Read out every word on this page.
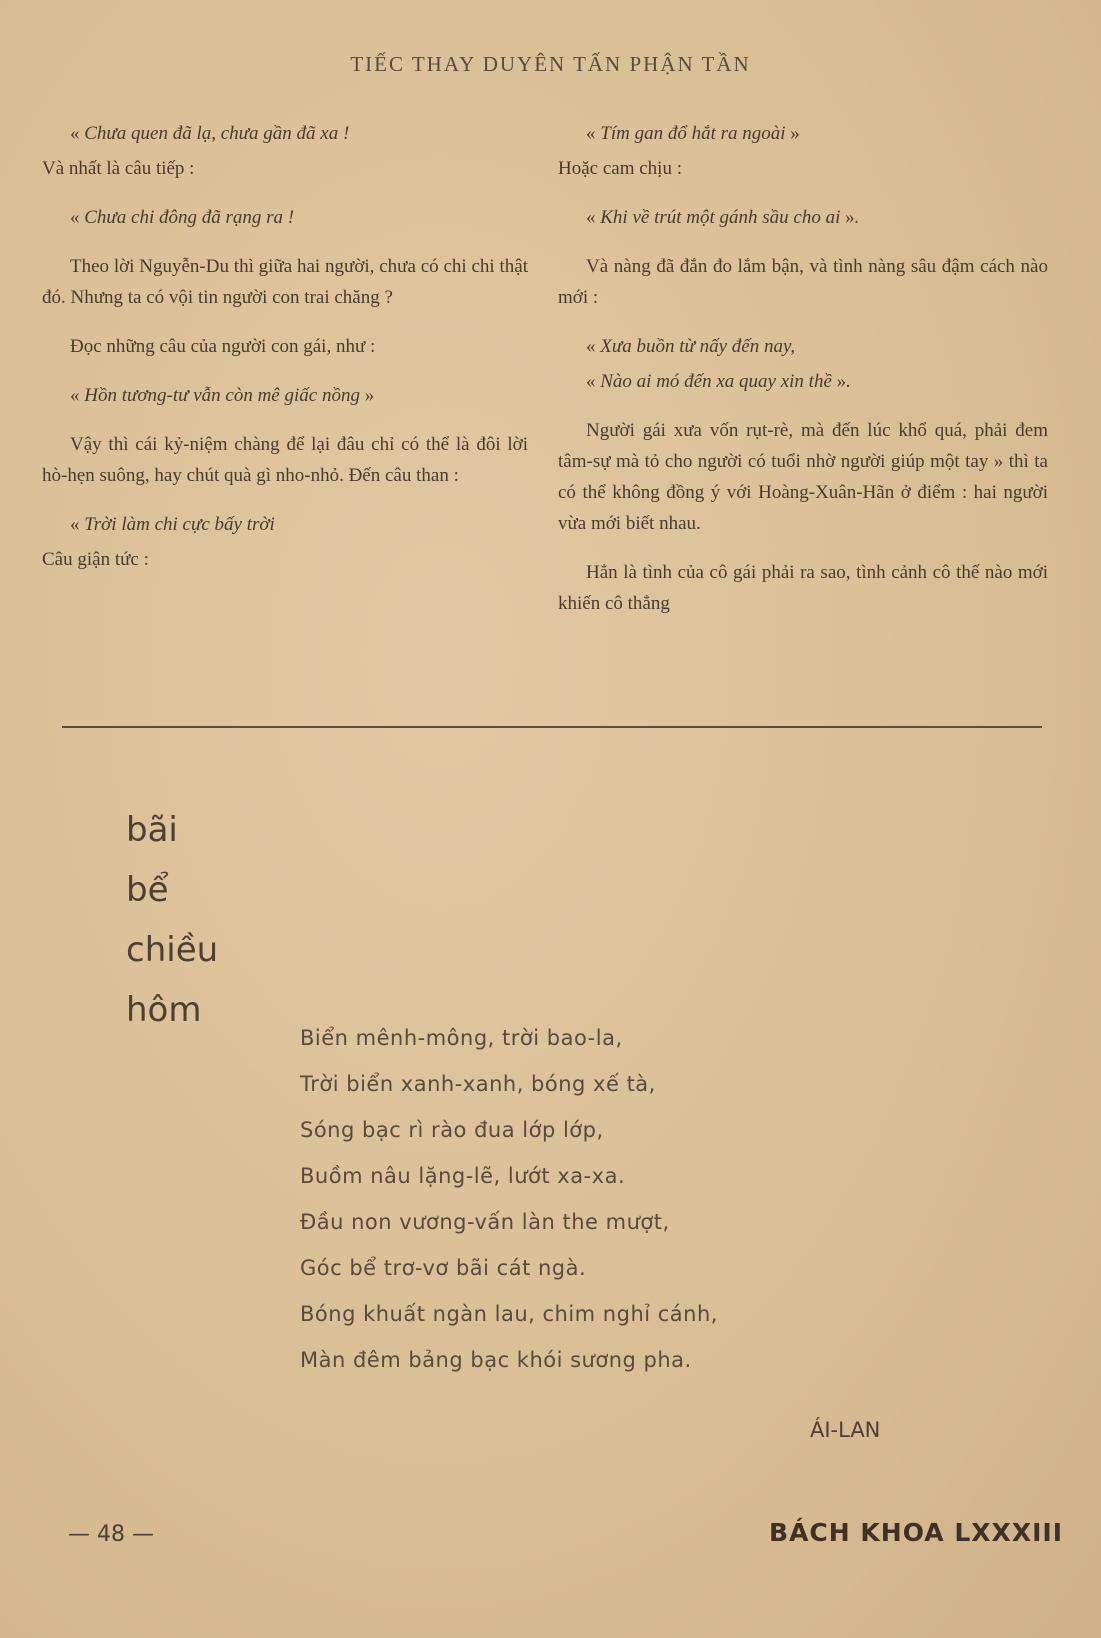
TIẾC THAY DUYÊN TẤN PHẬN TẦN

« Chưa quen đã lạ, chưa gần đã xa !

Và nhất là câu tiếp :

« Chưa chi đông đã rạng ra !

Theo lời Nguyễn-Du thì giữa hai người, chưa có chi chi thật đó. Nhưng ta có vội tin người con trai chăng ?

Đọc những câu của người con gái, như :

« Hồn tương-tư vẫn còn mê giấc nồng »

Vậy thì cái kỷ-niệm chàng để lại đâu chỉ có thể là đôi lời hò-hẹn suông, hay chút quà gì nho-nhỏ. Đến câu than :

« Trời làm chi cực bấy trời

Câu giận tức :

« Tím gan đổ hắt ra ngoài »

Hoặc cam chịu :

« Khi về trút một gánh sầu cho ai ».

Và nàng đã đắn đo lắm bận, và tình nàng sâu đậm cách nào mới :

« Xưa buồn từ nấy đến nay,

« Nào ai mó đến xa quay xin thề ».

Người gái xưa vốn rụt-rè, mà đến lúc khổ quá, phải đem tâm-sự mà tỏ cho người có tuổi nhờ người giúp một tay » thì ta có thể không đồng ý với Hoàng-Xuân-Hãn ở điểm : hai người vừa mới biết nhau.

Hẳn là tình của cô gái phải ra sao, tình cảnh cô thế nào mới khiến cô thẳng

bãi
bể
chiều
hôm
Biển mênh-mông, trời bao-la,
Trời biển xanh-xanh, bóng xế tà,
Sóng bạc rì rào đua lớp lớp,
Buồm nâu lặng-lẽ, lướt xa-xa.
Đầu non vương-vấn làn the mượt,
Góc bể trơ-vơ bãi cát ngà.
Bóng khuất ngàn lau, chim nghỉ cánh,
Màn đêm bảng bạc khói sương pha.
ÁI-LAN
— 48 —	BÁCH KHOA LXXXIII
